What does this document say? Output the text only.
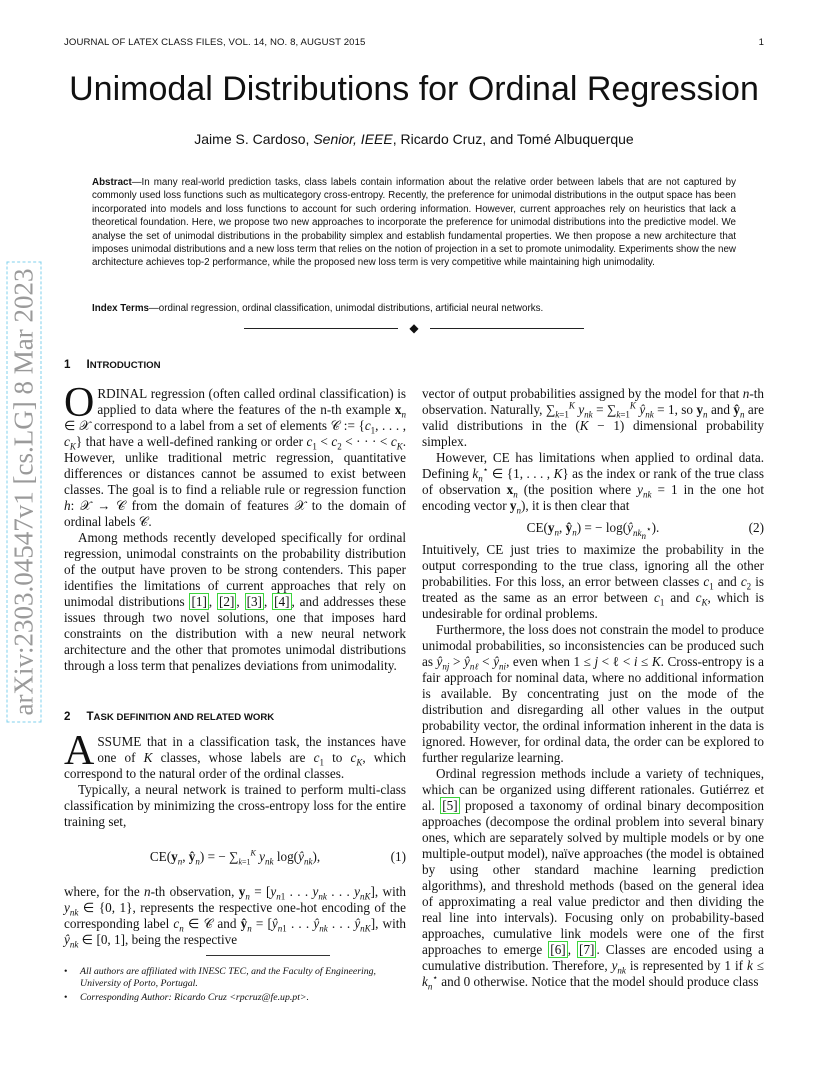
JOURNAL OF LATEX CLASS FILES, VOL. 14, NO. 8, AUGUST 2015	1
Unimodal Distributions for Ordinal Regression
Jaime S. Cardoso, Senior, IEEE, Ricardo Cruz, and Tomé Albuquerque
Abstract—In many real-world prediction tasks, class labels contain information about the relative order between labels that are not captured by commonly used loss functions such as multicategory cross-entropy. Recently, the preference for unimodal distributions in the output space has been incorporated into models and loss functions to account for such ordering information. However, current approaches rely on heuristics that lack a theoretical foundation. Here, we propose two new approaches to incorporate the preference for unimodal distributions into the predictive model. We analyse the set of unimodal distributions in the probability simplex and establish fundamental properties. We then propose a new architecture that imposes unimodal distributions and a new loss term that relies on the notion of projection in a set to promote unimodality. Experiments show the new architecture achieves top-2 performance, while the proposed new loss term is very competitive while maintaining high unimodality.
Index Terms—ordinal regression, ordinal classification, unimodal distributions, artificial neural networks.
◆
arXiv:2303.04547v1 [cs.LG] 8 Mar 2023 1 INTRODUCTION

ORDINAL regression (often called ordinal classification) is applied to data where the features of the n-th example $x_n$ ∈ 𝒳 correspond to a label from a set of elements 𝒞 := {$c_1$, . . . , $c_K$} that have a well-defined ranking or order $c_1 < c_2$ < · · · < $c_K$. However, unlike traditional metric regression, quantitative differences or distances cannot be assumed to exist between classes. The goal is to find a reliable rule or regression function h: 𝒳 → 𝒞 from the domain of features 𝒳 to the domain of ordinal labels 𝒞.

Among methods recently developed specifically for ordinal regression, unimodal constraints on the probability distribution of the output have proven to be strong contenders. This paper identifies the limitations of current approaches that rely on unimodal distributions [1] , [2] , [3] , [4] , and addresses these issues through two novel solutions, one that imposes hard constraints on the distribution with a new neural network architecture and the other that promotes unimodal distributions through a loss term that penalizes deviations from unimodality.

2 TASK DEFINITION AND RELATED WORK

ASSUME that in a classification task, the instances have one of K classes, whose labels are $c_1$ to $c_K$, which correspond to the natural order of the ordinal classes.

Typically, a neural network is trained to perform multi-class classification by minimizing the cross-entropy loss for the entire training set,

$CE(y_n$, $ŷ_n$) = − $\sum_{k=1}^K$ $y_{nk}$ $\log(ŷ_{nk})$,	(1)

where, for the n-th observation, $y_n = [y_{n1}$ . . . $y_{nk}$ . . . $y_{nK}$], with $y_{nk}$ ∈ {0, 1}, represents the respective one-hot encoding of the corresponding label $c_n$ ∈ 𝒞 and $ŷ_n$ = [$ŷ_{n1}$ . . . $ŷ_{nk}$ . . . $ŷ_{nK}$], with $ŷ_{nk}$ ∈ [0, 1], being the respective

vector of output probabilities assigned by the model for that n-th observation. Naturally, $\sum_{k=1}^K$ $y_{nk} = \sum_{k=1}^K$ $ŷ_{nk} = 1$, so $y_n$ and $ŷ_n$ are valid distributions in the (K − 1) dimensional probability simplex.

However, CE has limitations when applied to ordinal data. Defining $k_n^⋆$ ∈ {1, . . . , K} as the index or rank of the true class of observation $x_n$ (the position where $y_{nk} = 1$ in the one hot encoding vector $y_n$), it is then clear that

$CE(y_n$, $ŷ_n$) = − $\log(ŷ_{nk_n^⋆})$.	(2)

Intuitively, CE just tries to maximize the probability in the output corresponding to the true class, ignoring all the other probabilities. For this loss, an error between classes $c_1$ and $c_2$ is treated as the same as an error between $c_1$ and $c_K$, which is undesirable for ordinal problems.

Furthermore, the loss does not constrain the model to produce unimodal probabilities, so inconsistencies can be produced such as $ŷ_{nj}$ > $ŷ_{n\ell}$ < $ŷ_{ni}$, even when 1 ≤ j < ℓ < i ≤ K. Cross-entropy is a fair approach for nominal data, where no additional information is available. By concentrating just on the mode of the distribution and disregarding all other values in the output probability vector, the ordinal information inherent in the data is ignored. However, for ordinal data, the order can be explored to further regularize learning.

Ordinal regression methods include a variety of techniques, which can be organized using different rationales. Gutiérrez et al. [5] proposed a taxonomy of ordinal binary decomposition approaches (decompose the ordinal problem into several binary ones, which are separately solved by multiple models or by one multiple-output model), naïve approaches (the model is obtained by using other standard machine learning prediction algorithms), and threshold methods (based on the general idea of approximating a real value predictor and then dividing the real line into intervals). Focusing only on probability-based approaches, cumulative link models were one of the first approaches to emerge [6] , [7] . Classes are encoded using a cumulative distribution. Therefore, $y_{nk}$ is represented by 1 if $k \le k_n^⋆$ and 0 otherwise. Notice that the model should produce class

• All authors are affiliated with INESC TEC, and the Faculty of Engineering, University of Porto, Portugal.
• Corresponding Author: Ricardo Cruz <rpcruz@fe.up.pt>.
